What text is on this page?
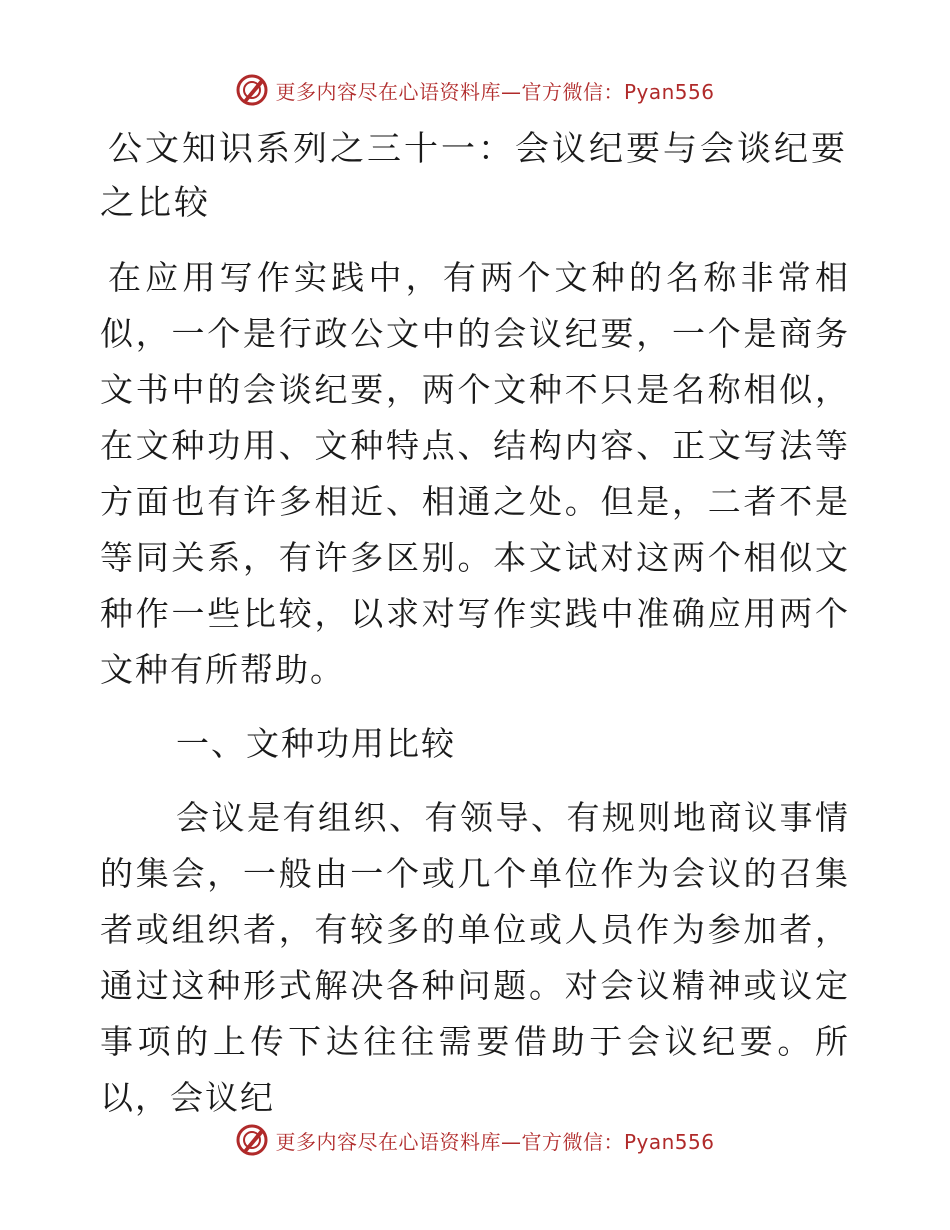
更多内容尽在心语资料库—官方微信：Pyan556
公文知识系列之三十一：会议纪要与会谈纪要之比较

在应用写作实践中，有两个文种的名称非常相似，一个是行政公文中的会议纪要，一个是商务文书中的会谈纪要，两个文种不只是名称相似，在文种功用、文种特点、结构内容、正文写法等方面也有许多相近、相通之处。但是，二者不是等同关系，有许多区别。本文试对这两个相似文种作一些比较，以求对写作实践中准确应用两个文种有所帮助。

一、文种功用比较

会议是有组织、有领导、有规则地商议事情的集会，一般由一个或几个单位作为会议的召集者或组织者，有较多的单位或人员作为参加者，通过这种形式解决各种问题。对会议精神或议定事项的上传下达往往需要借助于会议纪要。所以，会议纪

更多内容尽在心语资料库—官方微信：Pyan556
